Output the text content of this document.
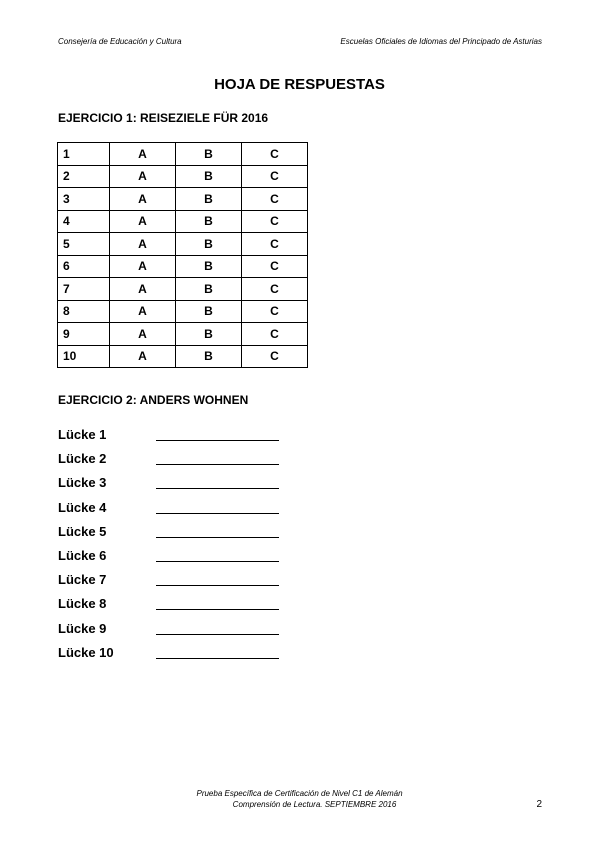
Consejería de Educación y Cultura	Escuelas Oficiales de Idiomas del Principado de Asturias
HOJA DE RESPUESTAS
EJERCICIO 1: REISEZIELE FÜR 2016
1	A	B	C
2	A	B	C
3	A	B	C
4	A	B	C
5	A	B	C
6	A	B	C
7	A	B	C
8	A	B	C
9	A	B	C
10	A	B	C
EJERCICIO 2: ANDERS WOHNEN
Lücke 1
Lücke 2
Lücke 3
Lücke 4
Lücke 5
Lücke 6
Lücke 7
Lücke 8
Lücke 9
Lücke 10
Prueba Específica de Certificación de Nivel C1 de Alemán
Comprensión de Lectura. SEPTIEMBRE 2016	2
